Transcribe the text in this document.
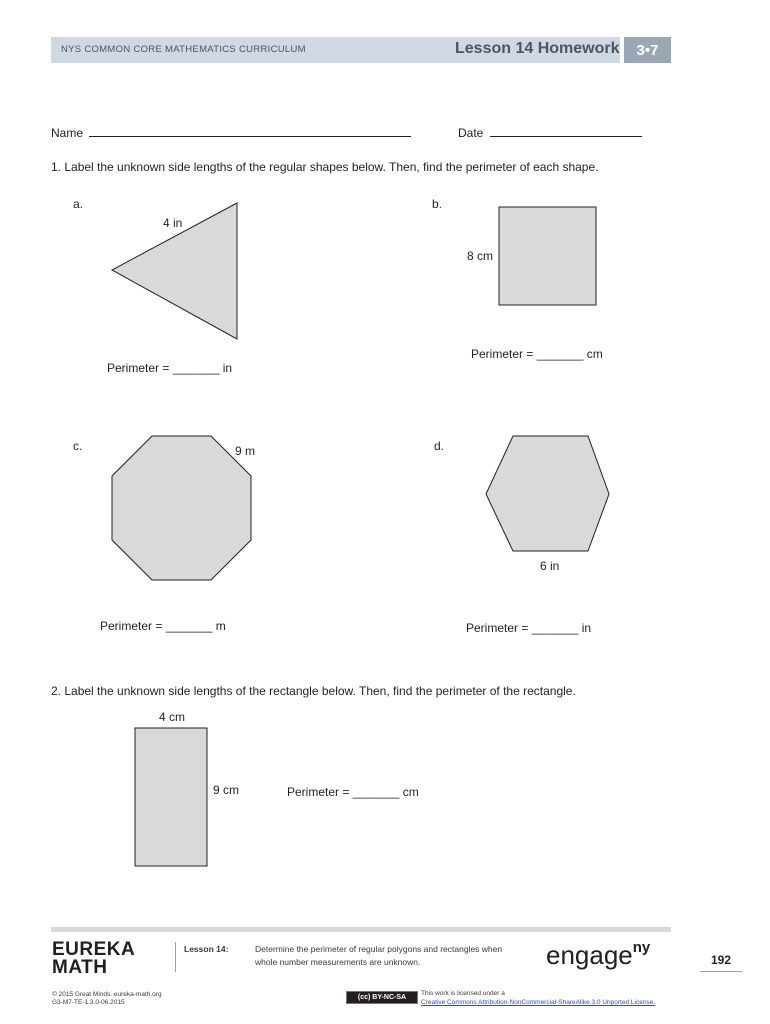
NYS COMMON CORE MATHEMATICS CURRICULUM	Lesson 14 Homework	3•7
Name	Date
1. Label the unknown side lengths of the regular shapes below. Then, find the perimeter of each shape.
a.
4 in
Perimeter = _______ in
b.
8 cm
Perimeter = _______ cm
c.	9 m
Perimeter = _______ m
d.
6 in
Perimeter = _______ in
2. Label the unknown side lengths of the rectangle below. Then, find the perimeter of the rectangle.
4 cm
9 cm	Perimeter = _______ cm
EUREKA
MATH
Lesson 14:	Determine the perimeter of regular polygons and rectangles when
whole number measurements are unknown.	engage$^{ny}$
192
© 2015 Great Minds. eureka-math.org
G3-M7-TE-1.3.0-06.2015
(cc) BY-NC-SA
This work is licensed under a
Creative Commons Attribution-NonCommercial-ShareAlike 3.0 Unported License.
